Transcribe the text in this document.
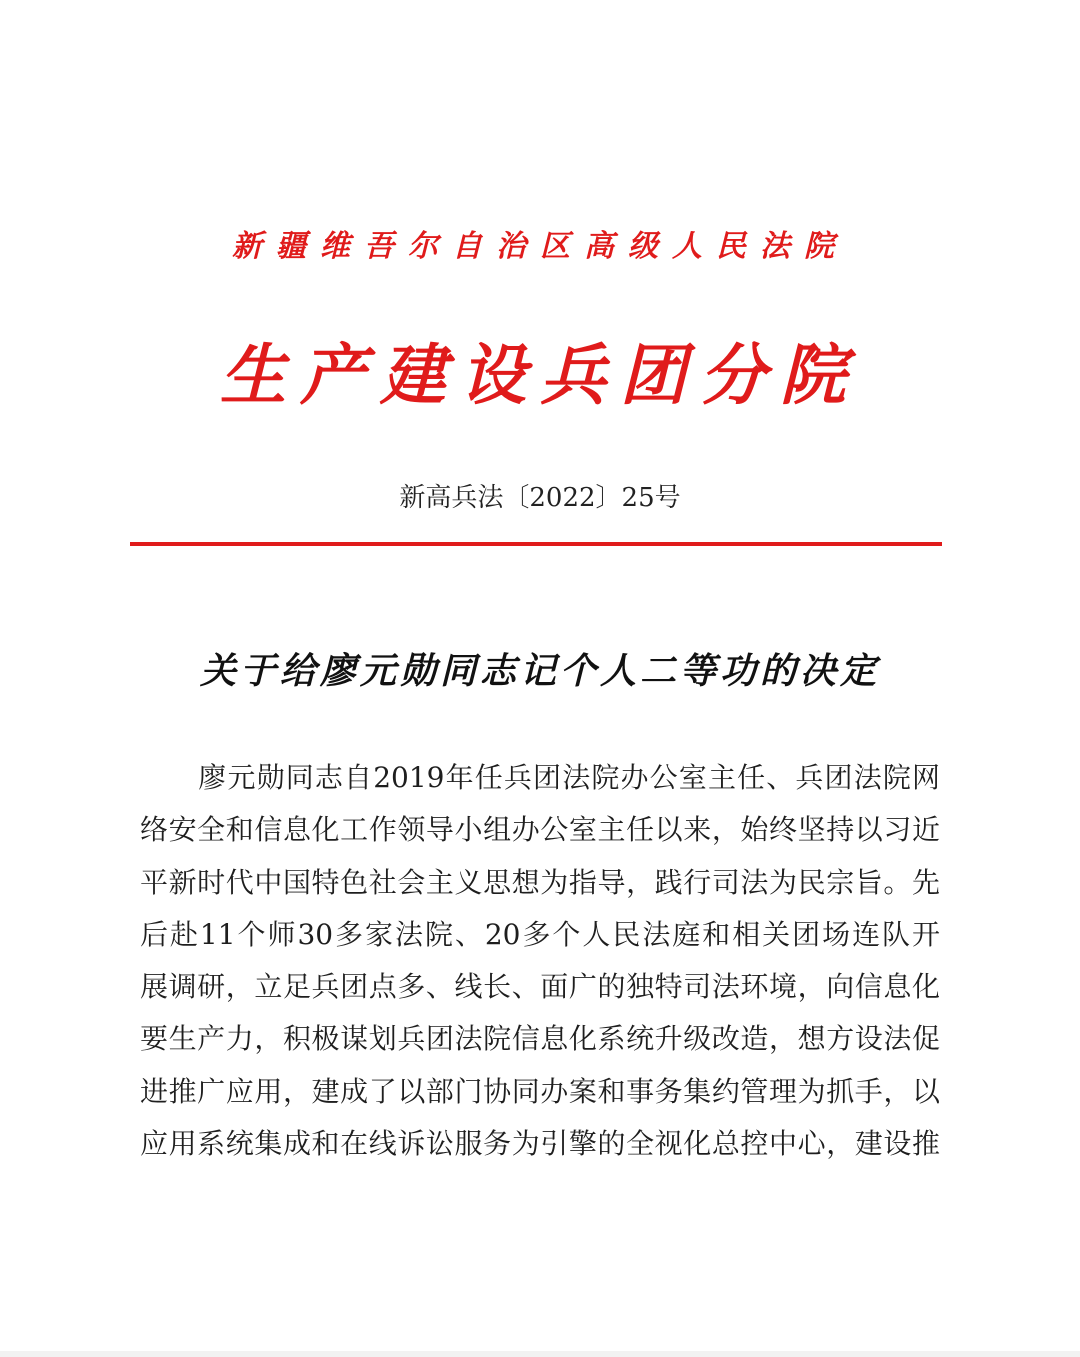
新疆维吾尔自治区高级人民法院
生产建设兵团分院
新高兵法〔2022〕25号
关于给廖元勋同志记个人二等功的决定
　　廖元勋同志自2019年任兵团法院办公室主任、兵团法院网
络安全和信息化工作领导小组办公室主任以来，始终坚持以习近
平新时代中国特色社会主义思想为指导，践行司法为民宗旨。先
后赴11个师30多家法院、20多个人民法庭和相关团场连队开
展调研，立足兵团点多、线长、面广的独特司法环境，向信息化
要生产力，积极谋划兵团法院信息化系统升级改造，想方设法促
进推广应用，建成了以部门协同办案和事务集约管理为抓手，以
应用系统集成和在线诉讼服务为引擎的全视化总控中心，建设推
